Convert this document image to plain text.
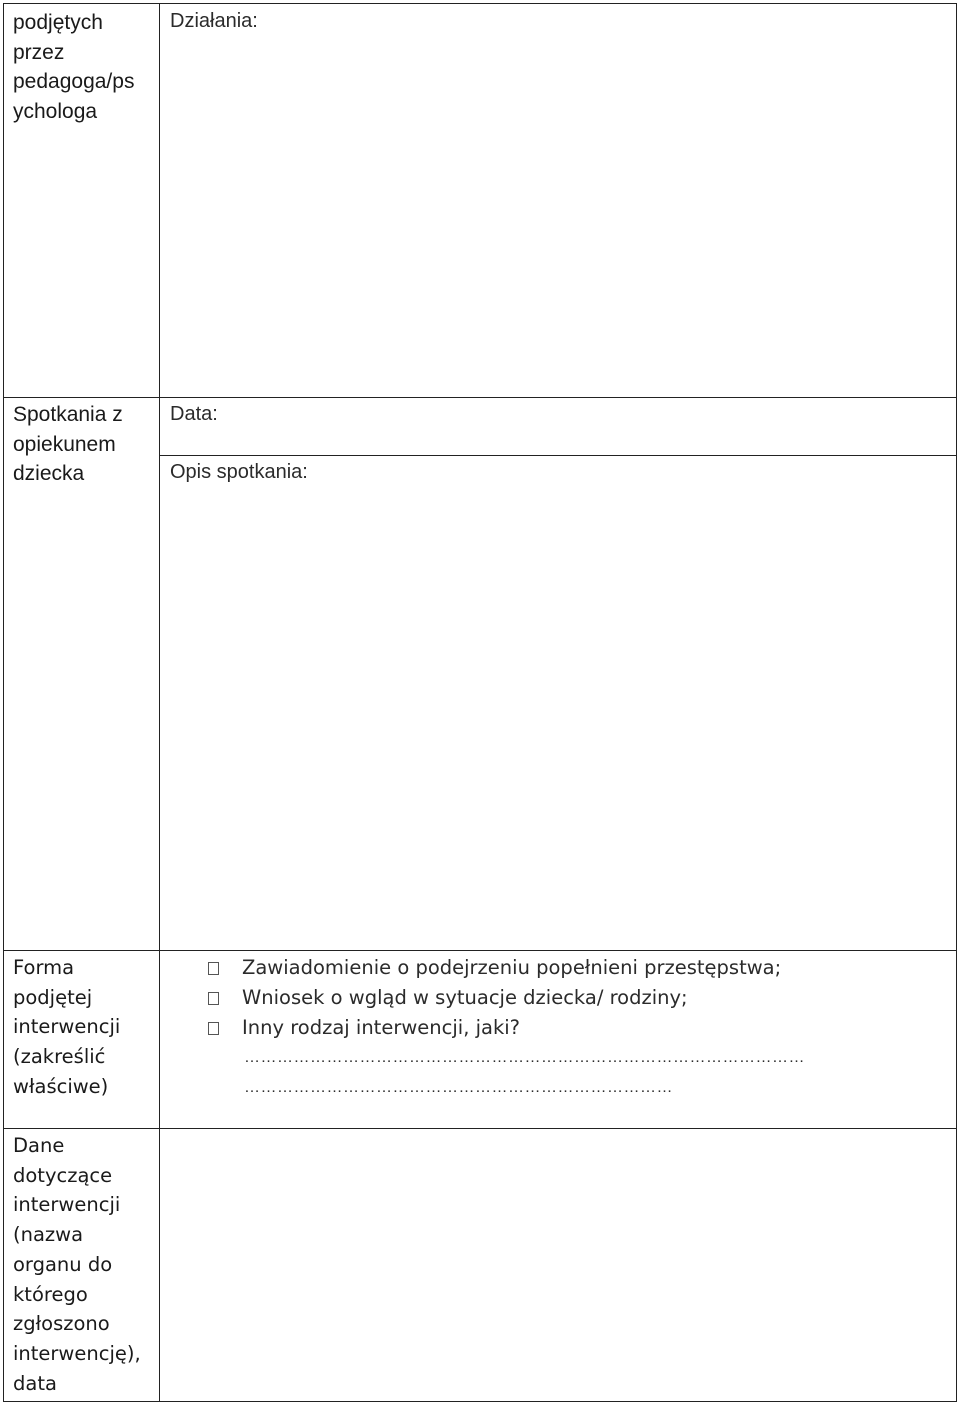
podjętych
przez
pedagoga/ps
ychologa
Działania:
Spotkania z
opiekunem
dziecka
Data:
Opis spotkania:
Forma
podjętej
interwencji
(zakreślić
właściwe)
Zawiadomienie o podejrzeniu popełnieni przestępstwa;
Wniosek o wgląd w sytuacje dziecka/ rodziny;
Inny rodzaj interwencji, jaki?
…………………………………………………………………………………………
……………………………………………………………………
Dane
dotyczące
interwencji
(nazwa
organu do
którego
zgłoszono
interwencję),
data
